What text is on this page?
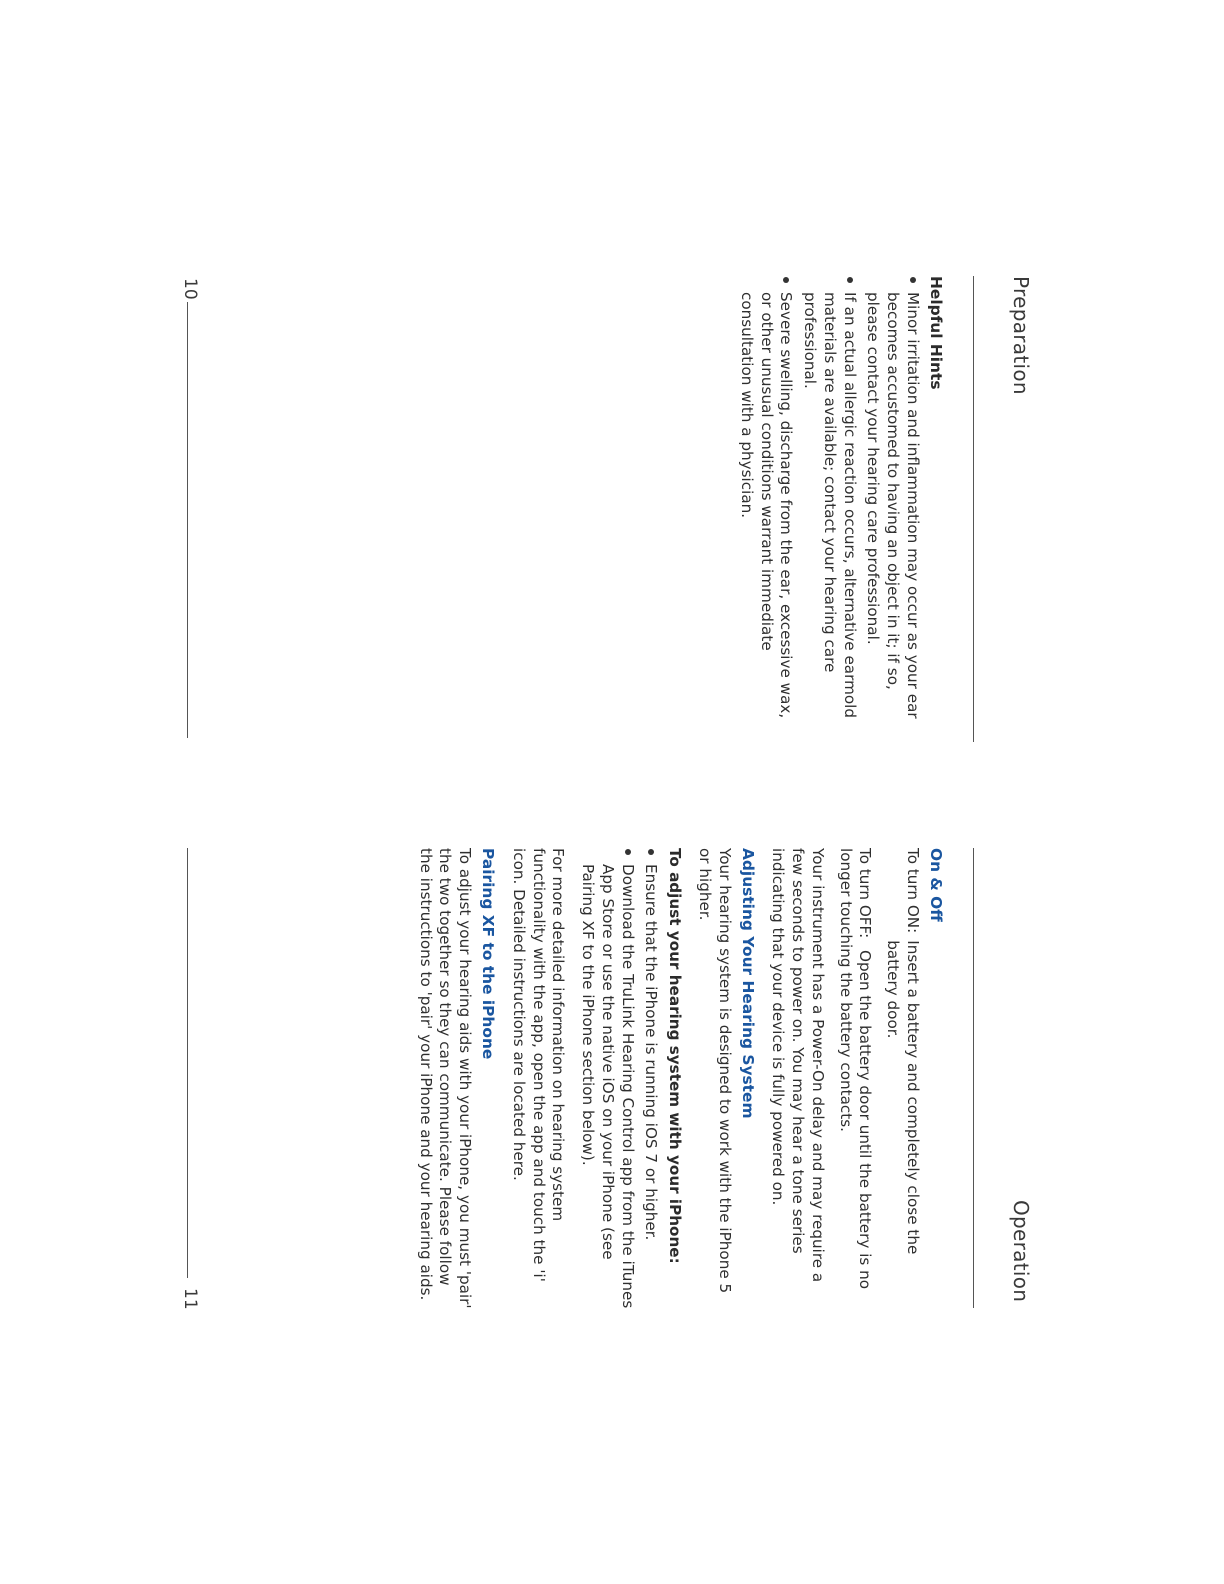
Preparation
Helpful Hints
Minor irritation and inflammation may occur as your ear becomes accustomed to having an object in it; if so, please contact your hearing care professional.
If an actual allergic reaction occurs, alternative earmold materials are available; contact your hearing care professional.
Severe swelling, discharge from the ear, excessive wax, or other unusual conditions warrant immediate consultation with a physician.
10
Operation
On & Off
To turn ON:
Insert a battery and completely close the battery door.
To turn OFF: Open the battery door until the battery is no longer touching the battery contacts.

Your instrument has a Power-On delay and may require a few seconds to power on. You may hear a tone series indicating that your device is fully powered on.

Adjusting Your Hearing System

Your hearing system is designed to work with the iPhone 5 or higher.

To adjust your hearing system with your iPhone:
Ensure that the iPhone is running iOS 7 or higher.
Download the TruLink Hearing Control app from the iTunes App Store or use the native iOS on your iPhone (see Pairing XF to the iPhone section below).

For more detailed information on hearing system functionality with the app, open the app and touch the 'i' icon. Detailed instructions are located here.

Pairing XF to the iPhone

To adjust your hearing aids with your iPhone, you must 'pair' the two together so they can communicate. Please follow the instructions to 'pair' your iPhone and your hearing aids.

11
